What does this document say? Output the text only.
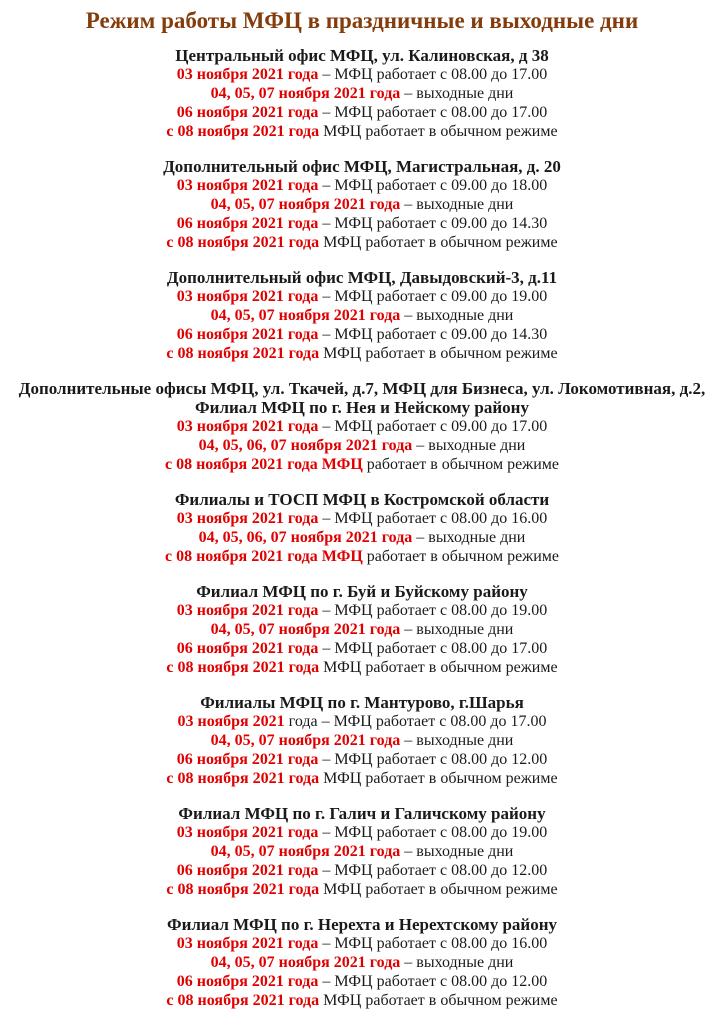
Режим работы МФЦ в праздничные и выходные дни
Центральный офис МФЦ, ул. Калиновская, д 38

03 ноября 2021 года – МФЦ работает с 08.00 до 17.00

04, 05, 07 ноября 2021 года – выходные дни

06 ноября 2021 года – МФЦ работает с 08.00 до 17.00

с 08 ноября 2021 года МФЦ работает в обычном режиме

Дополнительный офис МФЦ, Магистральная, д. 20

03 ноября 2021 года – МФЦ работает с 09.00 до 18.00

04, 05, 07 ноября 2021 года – выходные дни

06 ноября 2021 года – МФЦ работает с 09.00 до 14.30

с 08 ноября 2021 года МФЦ работает в обычном режиме

Дополнительный офис МФЦ, Давыдовский-3, д.11

03 ноября 2021 года – МФЦ работает с 09.00 до 19.00

04, 05, 07 ноября 2021 года – выходные дни

06 ноября 2021 года – МФЦ работает с 09.00 до 14.30

с 08 ноября 2021 года МФЦ работает в обычном режиме

Дополнительные офисы МФЦ, ул. Ткачей, д.7, МФЦ для Бизнеса, ул. Локомотивная, д.2,
Филиал МФЦ по г. Нея и Нейскому району

03 ноября 2021 года – МФЦ работает с 09.00 до 17.00

04, 05, 06, 07 ноября 2021 года – выходные дни

с 08 ноября 2021 года МФЦ работает в обычном режиме

Филиалы и ТОСП МФЦ в Костромской области

03 ноября 2021 года – МФЦ работает с 08.00 до 16.00

04, 05, 06, 07 ноября 2021 года – выходные дни

с 08 ноября 2021 года МФЦ работает в обычном режиме

Филиал МФЦ по г. Буй и Буйскому району

03 ноября 2021 года – МФЦ работает с 08.00 до 19.00

04, 05, 07 ноября 2021 года – выходные дни

06 ноября 2021 года – МФЦ работает с 08.00 до 17.00

с 08 ноября 2021 года МФЦ работает в обычном режиме

Филиалы МФЦ по г. Мантурово, г.Шарья

03 ноября 2021 года – МФЦ работает с 08.00 до 17.00

04, 05, 07 ноября 2021 года – выходные дни

06 ноября 2021 года – МФЦ работает с 08.00 до 12.00

с 08 ноября 2021 года МФЦ работает в обычном режиме

Филиал МФЦ по г. Галич и Галичскому району

03 ноября 2021 года – МФЦ работает с 08.00 до 19.00

04, 05, 07 ноября 2021 года – выходные дни

06 ноября 2021 года – МФЦ работает с 08.00 до 12.00

с 08 ноября 2021 года МФЦ работает в обычном режиме

Филиал МФЦ по г. Нерехта и Нерехтскому району

03 ноября 2021 года – МФЦ работает с 08.00 до 16.00

04, 05, 07 ноября 2021 года – выходные дни

06 ноября 2021 года – МФЦ работает с 08.00 до 12.00

с 08 ноября 2021 года МФЦ работает в обычном режиме
